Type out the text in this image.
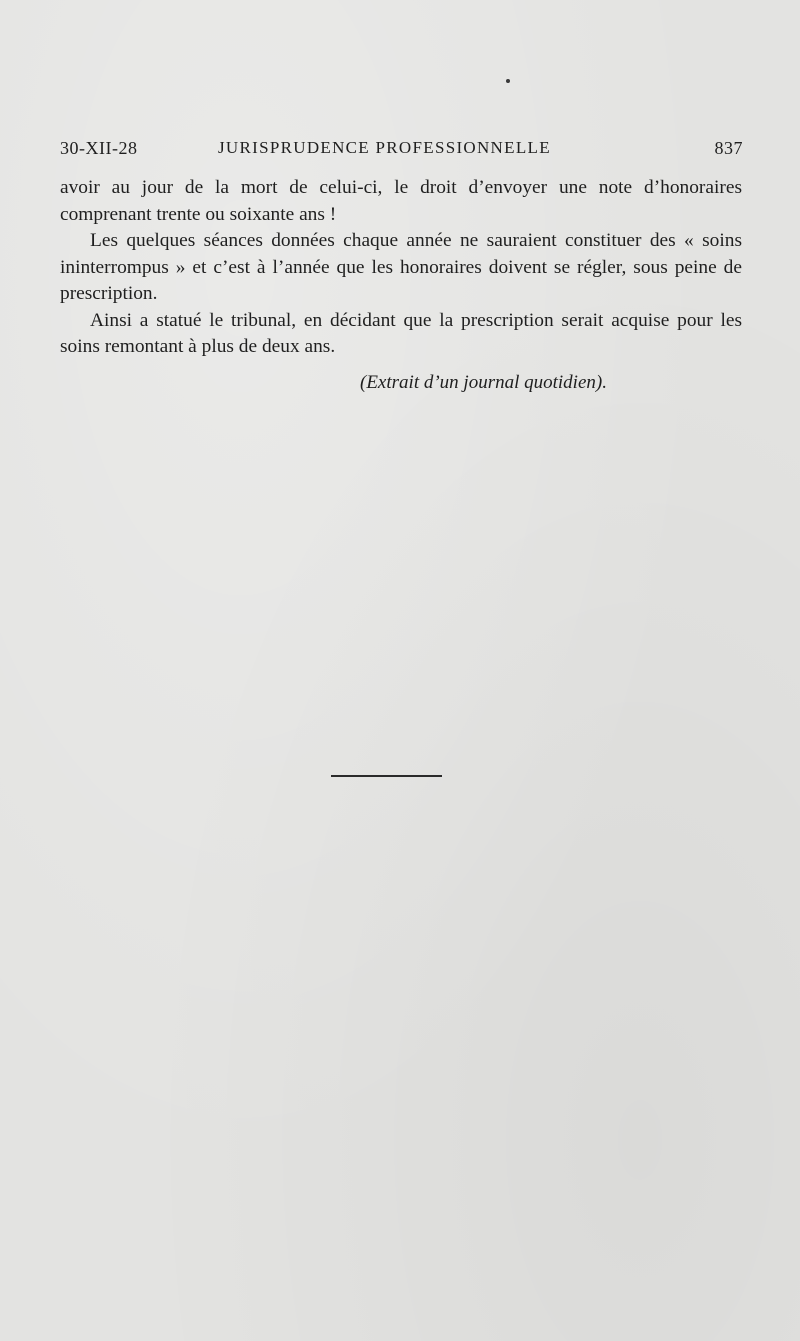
30-XII-28	JURISPRUDENCE PROFESSIONNELLE	837

avoir au jour de la mort de celui-ci, le droit d’envoyer une note d’honoraires comprenant trente ou soixante ans !

Les quelques séances données chaque année ne sauraient constituer des « soins ininterrompus » et c’est à l’année que les honoraires doivent se régler, sous peine de prescription.

Ainsi a statué le tribunal, en décidant que la prescription serait acquise pour les soins remontant à plus de deux ans.

(Extrait d’un journal quotidien).
